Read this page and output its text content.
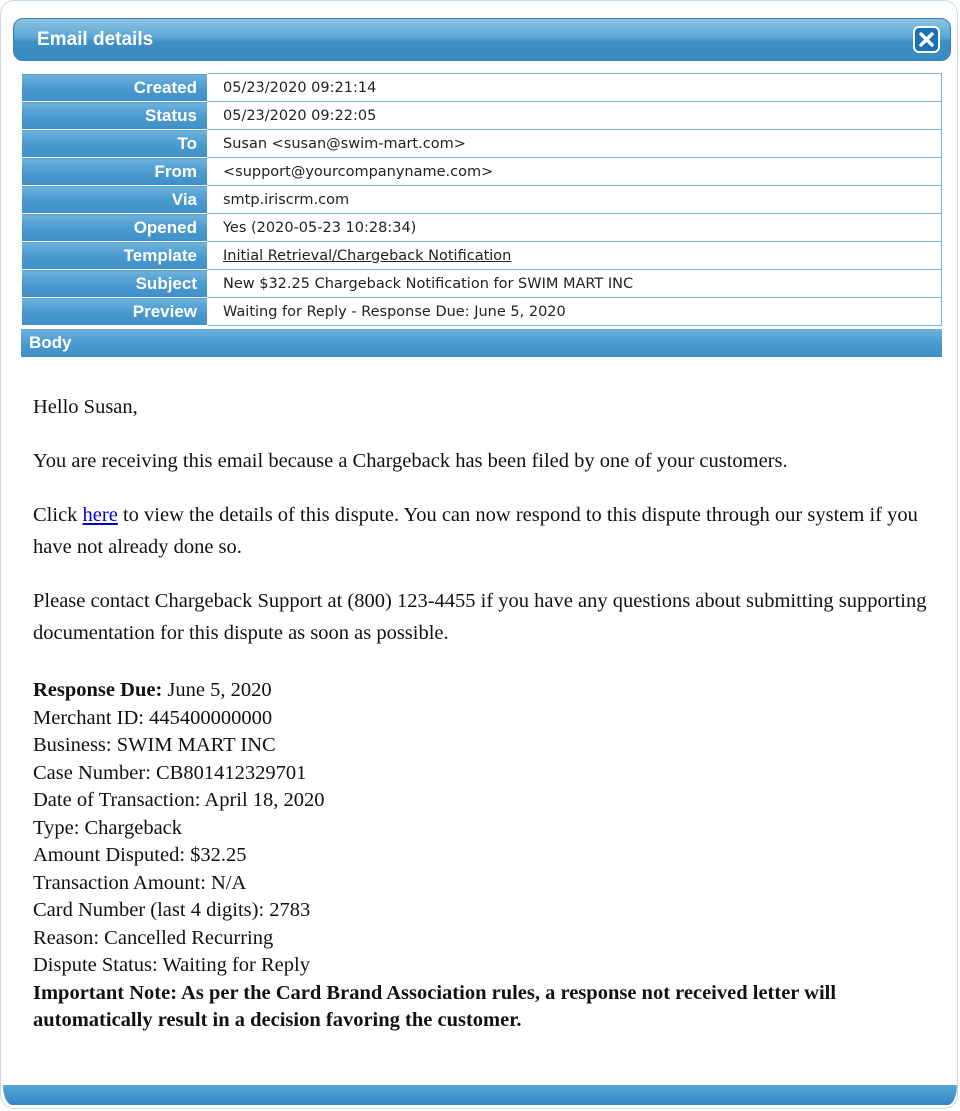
Email details
Created	05/23/2020 09:21:14
Status	05/23/2020 09:22:05
To	Susan <susan@swim-mart.com>
From	<support@yourcompanyname.com>
Via	smtp.iriscrm.com
Opened	Yes (2020-05-23 10:28:34)
Template	Initial Retrieval/Chargeback Notification
Subject	New $32.25 Chargeback Notification for SWIM MART INC
Preview	Waiting for Reply - Response Due: June 5, 2020
Body

Hello Susan,

You are receiving this email because a Chargeback has been filed by one of your customers.

Click here to view the details of this dispute. You can now respond to this dispute through our system if you have not already done so.

Please contact Chargeback Support at (800) 123-4455 if you have any questions about submitting supporting documentation for this dispute as soon as possible.

Response Due: June 5, 2020
Merchant ID: 445400000000
Business: SWIM MART INC
Case Number: CB801412329701
Date of Transaction: April 18, 2020
Type: Chargeback
Amount Disputed: $32.25
Transaction Amount: N/A
Card Number (last 4 digits): 2783
Reason: Cancelled Recurring
Dispute Status: Waiting for Reply
Important Note: As per the Card Brand Association rules, a response not received letter will automatically result in a decision favoring the customer.
